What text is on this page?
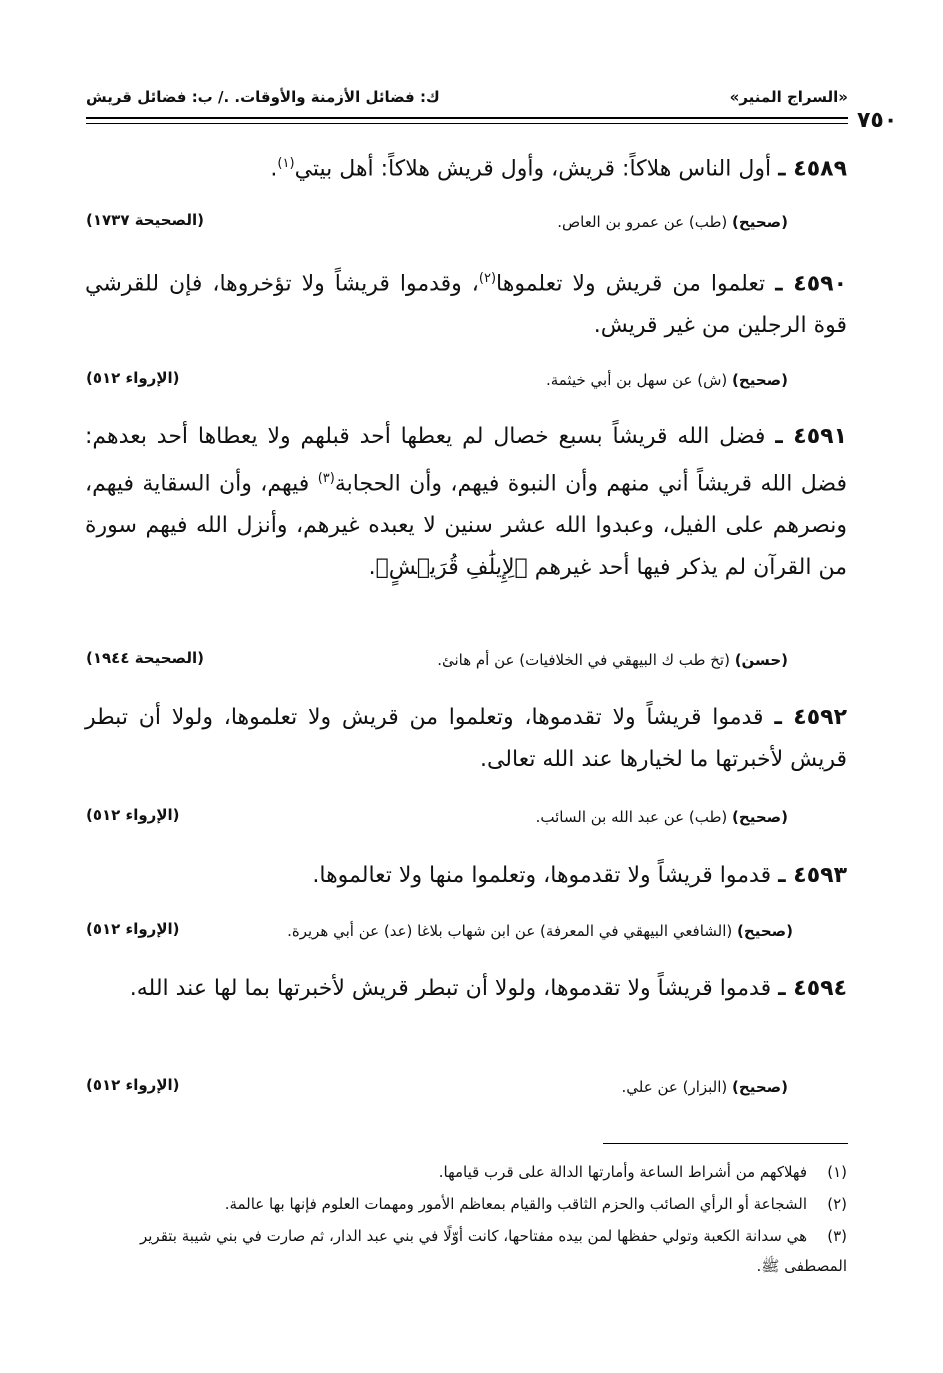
«السراج المنير»
ك: فضائل الأزمنة والأوقات. ./ ب: فضائل قريش
٧٥٠
٤٥٨٩ ـ أول الناس هلاكاً: قريش، وأول قريش هلاكاً: أهل بيتي$^{(١)}$.
(صحيح) (طب) عن عمرو بن العاص.
(الصحيحة ١٧٣٧)
٤٥٩٠ ـ تعلموا من قريش ولا تعلموها$^{(٢)}$، وقدموا قريشاً ولا تؤخروها، فإن للقرشي قوة الرجلين من غير قريش.
(صحيح) (ش) عن سهل بن أبي خيثمة.
(الإرواء ٥١٢)
٤٥٩١ ـ فضل الله قريشاً بسبع خصال لم يعطها أحد قبلهم ولا يعطاها أحد بعدهم: فضل الله قريشاً أني منهم وأن النبوة فيهم، وأن الحجابة$^{(٣)}$ فيهم، وأن السقاية فيهم، ونصرهم على الفيل، وعبدوا الله عشر سنين لا يعبده غيرهم، وأنزل الله فيهم سورة من القرآن لم يذكر فيها أحد غيرهم ﴿لِإِيلَٰفِ قُرَيۡشٍ﴾.
(حسن) (تخ طب ك البيهقي في الخلافيات) عن أم هانئ.
(الصحيحة ١٩٤٤)
٤٥٩٢ ـ قدموا قريشاً ولا تقدموها، وتعلموا من قريش ولا تعلموها، ولولا أن تبطر قريش لأخبرتها ما لخيارها عند الله تعالى.
(صحيح) (طب) عن عبد الله بن السائب.
(الإرواء ٥١٢)
٤٥٩٣ ـ قدموا قريشاً ولا تقدموها، وتعلموا منها ولا تعالموها.
(صحيح) (الشافعي البيهقي في المعرفة) عن ابن شهاب بلاغا (عد) عن أبي هريرة.
(الإرواء ٥١٢)
٤٥٩٤ ـ قدموا قريشاً ولا تقدموها، ولولا أن تبطر قريش لأخبرتها بما لها عند الله.
(صحيح) (البزار) عن علي.
(الإرواء ٥١٢)
(١)فهلاكهم من أشراط الساعة وأمارتها الدالة على قرب قيامها.
(٢)الشجاعة أو الرأي الصائب والحزم الثاقب والقيام بمعاظم الأمور ومهمات العلوم فإنها بها عالمة.
(٣)هي سدانة الكعبة وتولي حفظها لمن بيده مفتاحها، كانت أوّلًا في بني عبد الدار، ثم صارت في بني شيبة بتقرير المصطفى ﷺ.
